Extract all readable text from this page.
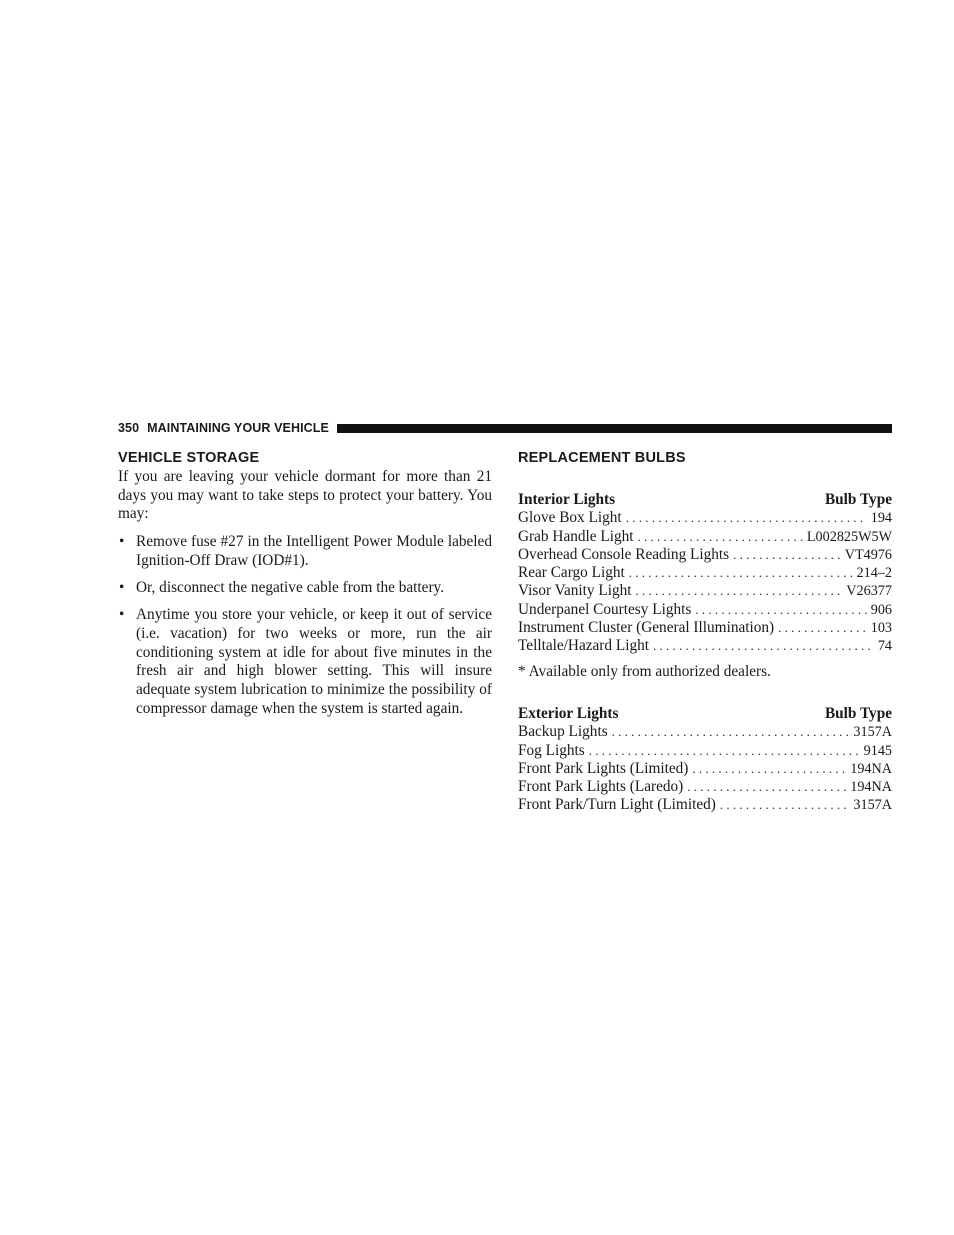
350 MAINTAINING YOUR VEHICLE
VEHICLE STORAGE

If you are leaving your vehicle dormant for more than 21 days you may want to take steps to protect your battery. You may:

• Remove fuse #27 in the Intelligent Power Module labeled Ignition-Off Draw (IOD#1).
• Or, disconnect the negative cable from the battery.
• Anytime you store your vehicle, or keep it out of service (i.e. vacation) for two weeks or more, run the air conditioning system at idle for about five minutes in the fresh air and high blower setting. This will insure adequate system lubrication to minimize the possibility of compressor damage when the system is started again.
REPLACEMENT BULBS
Interior Lights	Bulb Type
Glove Box Light . . .	194
Grab Handle Light . . .	L002825W5W
Overhead Console Reading Lights . . .	VT4976
Rear Cargo Light . . .	214–2
Visor Vanity Light . . .	V26377
Underpanel Courtesy Lights . . .	906
Instrument Cluster (General Illumination) . . .	103
Telltale/Hazard Light . . .	74
* Available only from authorized dealers.
Exterior Lights	Bulb Type
Backup Lights . . .	3157A
Fog Lights . . .	9145
Front Park Lights (Limited) . . .	194NA
Front Park Lights (Laredo) . . .	194NA
Front Park/Turn Light (Limited) . . .	3157A
